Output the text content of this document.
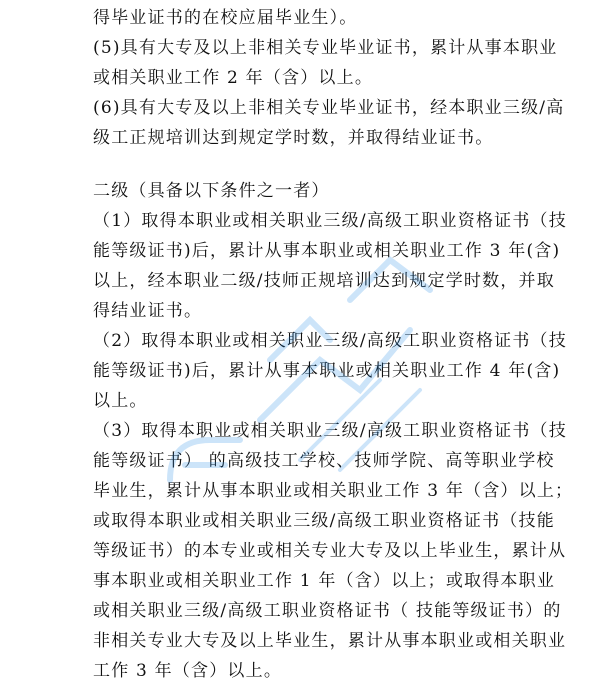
得毕业证书的在校应届毕业生）。
(5)具有大专及以上非相关专业毕业证书，累计从事本职业
或相关职业工作 2 年（含）以上。
(6)具有大专及以上非相关专业毕业证书，经本职业三级/高
级工正规培训达到规定学时数，并取得结业证书。
二级（具备以下条件之一者）
（1）取得本职业或相关职业三级/高级工职业资格证书（技
能等级证书)后，累计从事本职业或相关职业工作 3 年(含)
以上，经本职业二级/技师正规培训达到规定学时数，并取
得结业证书。
（2）取得本职业或相关职业三级/高级工职业资格证书（技
能等级证书)后，累计从事本职业或相关职业工作 4 年(含)
以上。
（3）取得本职业或相关职业三级/高级工职业资格证书（技
能等级证书） 的高级技工学校、技师学院、高等职业学校
毕业生，累计从事本职业或相关职业工作 3 年（含）以上；
或取得本职业或相关职业三级/高级工职业资格证书（技能
等级证书）的本专业或相关专业大专及以上毕业生，累计从
事本职业或相关职业工作 1 年（含）以上；或取得本职业
或相关职业三级/高级工职业资格证书（ 技能等级证书）的
非相关专业大专及以上毕业生，累计从事本职业或相关职业
工作 3 年（含）以上。
